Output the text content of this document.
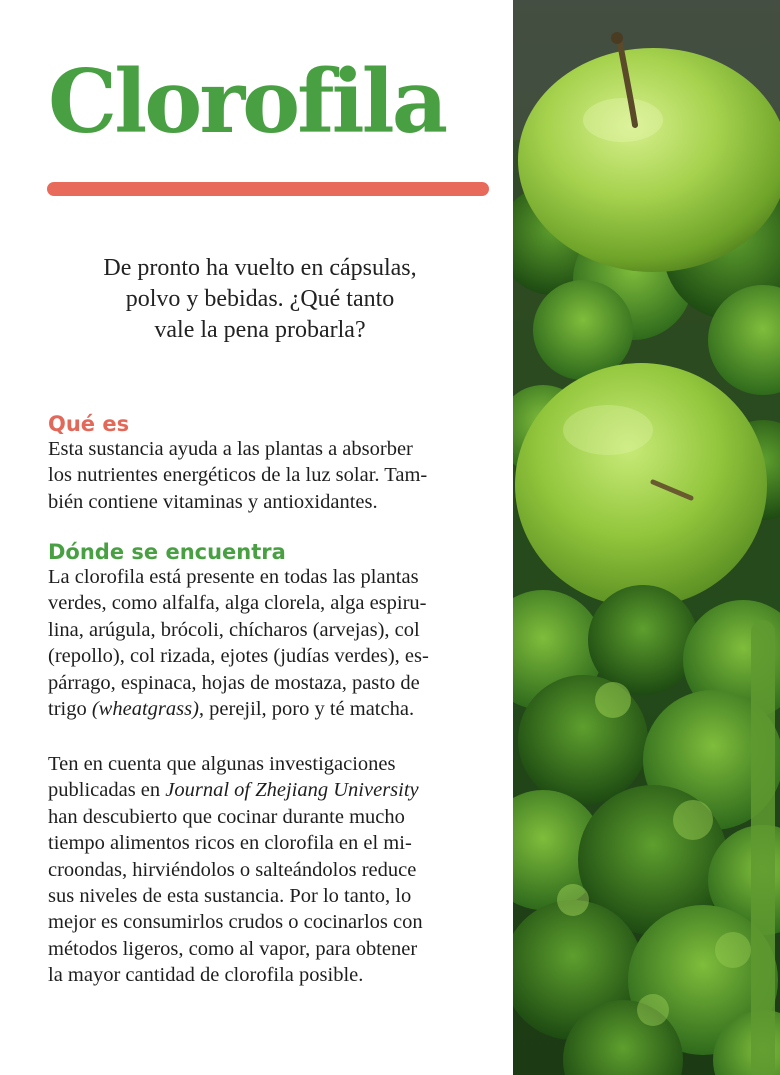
Clorofila

De pronto ha vuelto en cápsulas,
polvo y bebidas. ¿Qué tanto
vale la pena probarla?

Qué es

Esta sustancia ayuda a las plantas a absorber
los nutrientes energéticos de la luz solar. Tam-
bién contiene vitaminas y antioxidantes.

Dónde se encuentra

La clorofila está presente en todas las plantas
verdes, como alfalfa, alga clorela, alga espiru-
lina, arúgula, brócoli, chícharos (arvejas), col
(repollo), col rizada, ejotes (judías verdes), es-
párrago, espinaca, hojas de mostaza, pasto de
trigo (wheatgrass), perejil, poro y té matcha.

Ten en cuenta que algunas investigaciones
publicadas en Journal of Zhejiang University
han descubierto que cocinar durante mucho
tiempo alimentos ricos en clorofila en el mi-
croondas, hirviéndolos o salteándolos reduce
sus niveles de esta sustancia. Por lo tanto, lo
mejor es consumirlos crudos o cocinarlos con
métodos ligeros, como al vapor, para obtener
la mayor cantidad de clorofila posible.
